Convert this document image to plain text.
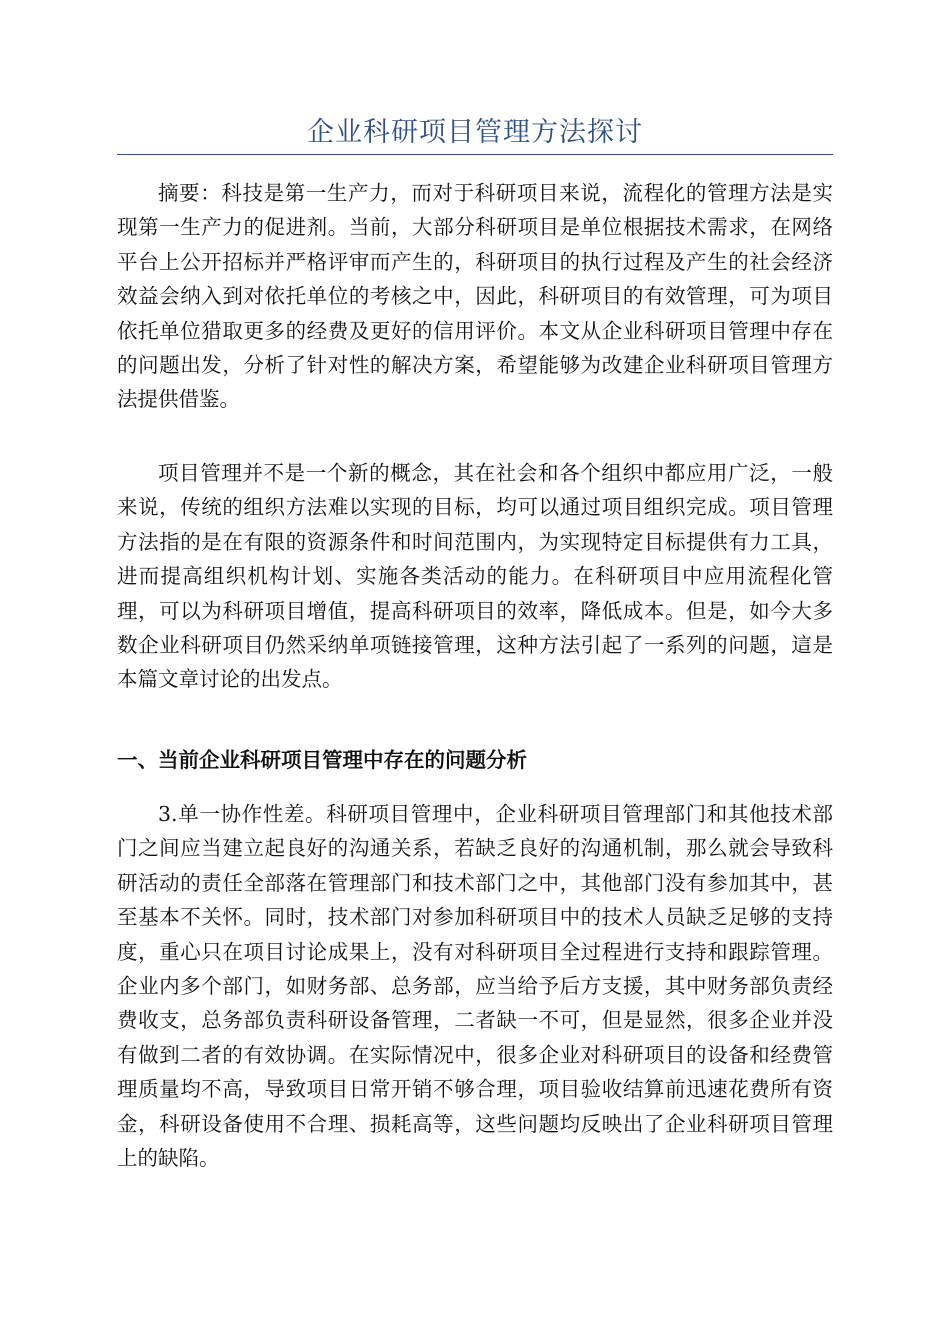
企业科研项目管理方法探讨

摘要：科技是第一生产力，而对于科研项目来说，流程化的管理方法是实现第一生产力的促进剂。当前，大部分科研项目是单位根据技术需求，在网络平台上公开招标并严格评审而产生的，科研项目的执行过程及产生的社会经济效益会纳入到对依托单位的考核之中，因此，科研项目的有效管理，可为项目依托单位猎取更多的经费及更好的信用评价。本文从企业科研项目管理中存在的问题出发，分析了针对性的解决方案，希望能够为改建企业科研项目管理方法提供借鉴。

项目管理并不是一个新的概念，其在社会和各个组织中都应用广泛，一般来说，传统的组织方法难以实现的目标，均可以通过项目组织完成。项目管理方法指的是在有限的资源条件和时间范围内，为实现特定目标提供有力工具，进而提高组织机构计划、实施各类活动的能力。在科研项目中应用流程化管理，可以为科研项目增值，提高科研项目的效率，降低成本。但是，如今大多数企业科研项目仍然采纳单项链接管理，这种方法引起了一系列的问题，這是本篇文章讨论的出发点。

一、当前企业科研项目管理中存在的问题分析

3.单一协作性差。科研项目管理中，企业科研项目管理部门和其他技术部门之间应当建立起良好的沟通关系，若缺乏良好的沟通机制，那么就会导致科研活动的责任全部落在管理部门和技术部门之中，其他部门没有参加其中，甚至基本不关怀。同时，技术部门对参加科研项目中的技术人员缺乏足够的支持度，重心只在项目讨论成果上，没有对科研项目全过程进行支持和跟踪管理。企业内多个部门，如财务部、总务部，应当给予后方支援，其中财务部负责经费收支，总务部负责科研设备管理，二者缺一不可，但是显然，很多企业并没有做到二者的有效协调。在实际情况中，很多企业对科研项目的设备和经费管理质量均不高，导致项目日常开销不够合理，项目验收结算前迅速花费所有资金，科研设备使用不合理、损耗高等，这些问题均反映出了企业科研项目管理上的缺陷。
